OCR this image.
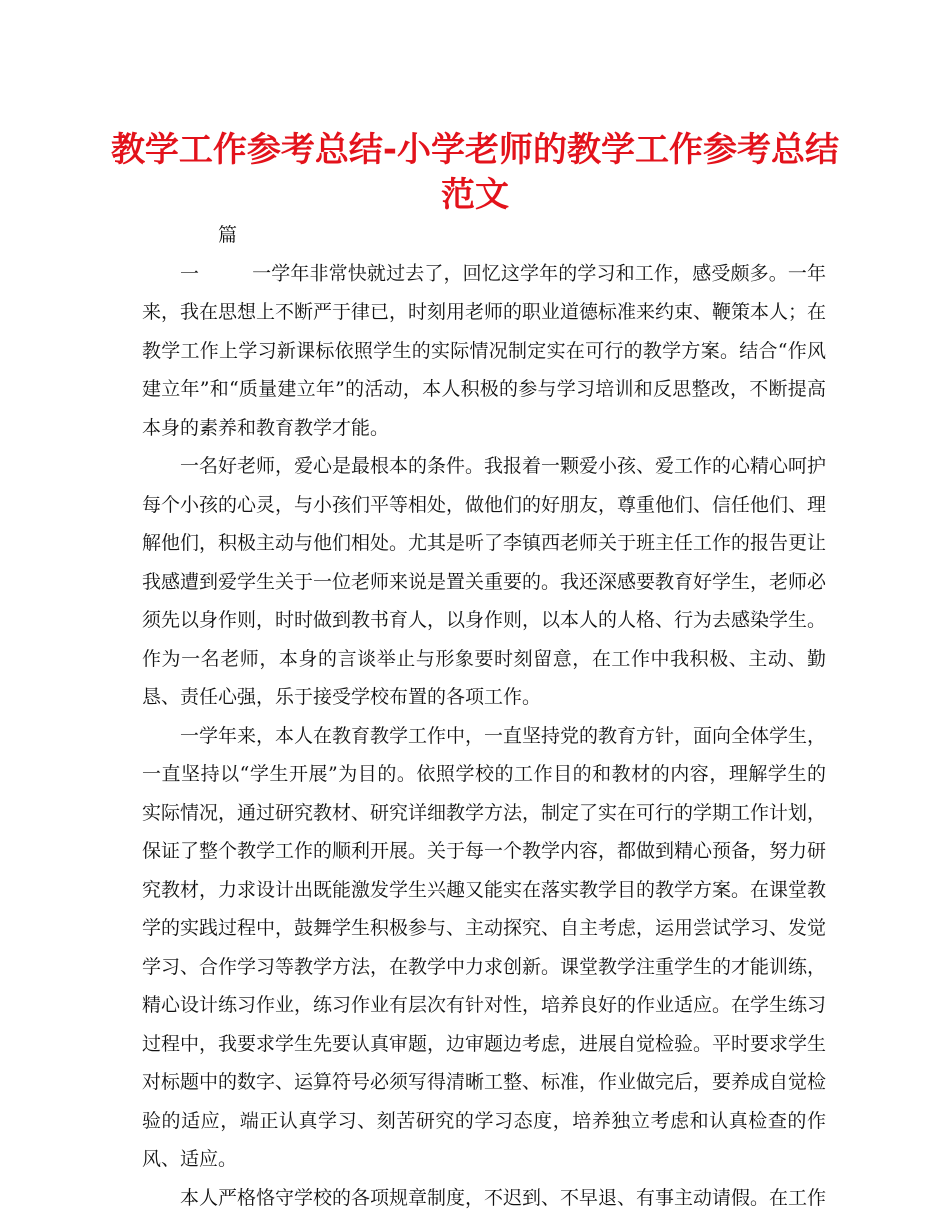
教学工作参考总结-小学老师的教学工作参考总结
范文

篇一	一学年非常快就过去了，回忆这学年的学习和工作，感受颇多。一年来，我在思想上不断严于律已，时刻用老师的职业道德标准来约束、鞭策本人；在教学工作上学习新课标依照学生的实际情况制定实在可行的教学方案。结合“作风建立年”和“质量建立年”的活动，本人积极的参与学习培训和反思整改，不断提高本身的素养和教育教学才能。

一名好老师，爱心是最根本的条件。我报着一颗爱小孩、爱工作的心精心呵护每个小孩的心灵，与小孩们平等相处，做他们的好朋友，尊重他们、信任他们、理解他们，积极主动与他们相处。尤其是听了李镇西老师关于班主任工作的报告更让我感遭到爱学生关于一位老师来说是置关重要的。我还深感要教育好学生，老师必须先以身作则，时时做到教书育人，以身作则，以本人的人格、行为去感染学生。作为一名老师，本身的言谈举止与形象要时刻留意，在工作中我积极、主动、勤恳、责任心强，乐于接受学校布置的各项工作。

一学年来，本人在教育教学工作中，一直坚持党的教育方针，面向全体学生，一直坚持以“学生开展”为目的。依照学校的工作目的和教材的内容，理解学生的实际情况，通过研究教材、研究详细教学方法，制定了实在可行的学期工作计划，保证了整个教学工作的顺利开展。关于每一个教学内容，都做到精心预备，努力研究教材，力求设计出既能激发学生兴趣又能实在落实教学目的教学方案。在课堂教学的实践过程中，鼓舞学生积极参与、主动探究、自主考虑，运用尝试学习、发觉学习、合作学习等教学方法，在教学中力求创新。课堂教学注重学生的才能训练，精心设计练习作业，练习作业有层次有针对性，培养良好的作业适应。在学生练习过程中，我要求学生先要认真审题，边审题边考虑，进展自觉检验。平时要求学生对标题中的数字、运算符号必须写得清晰工整、标准，作业做完后，要养成自觉检验的适应，端正认真学习、刻苦研究的学习态度，培养独立考虑和认真检查的作风、适应。

本人严格恪守学校的各项规章制度，不迟到、不早退、有事主动请假。在工作
